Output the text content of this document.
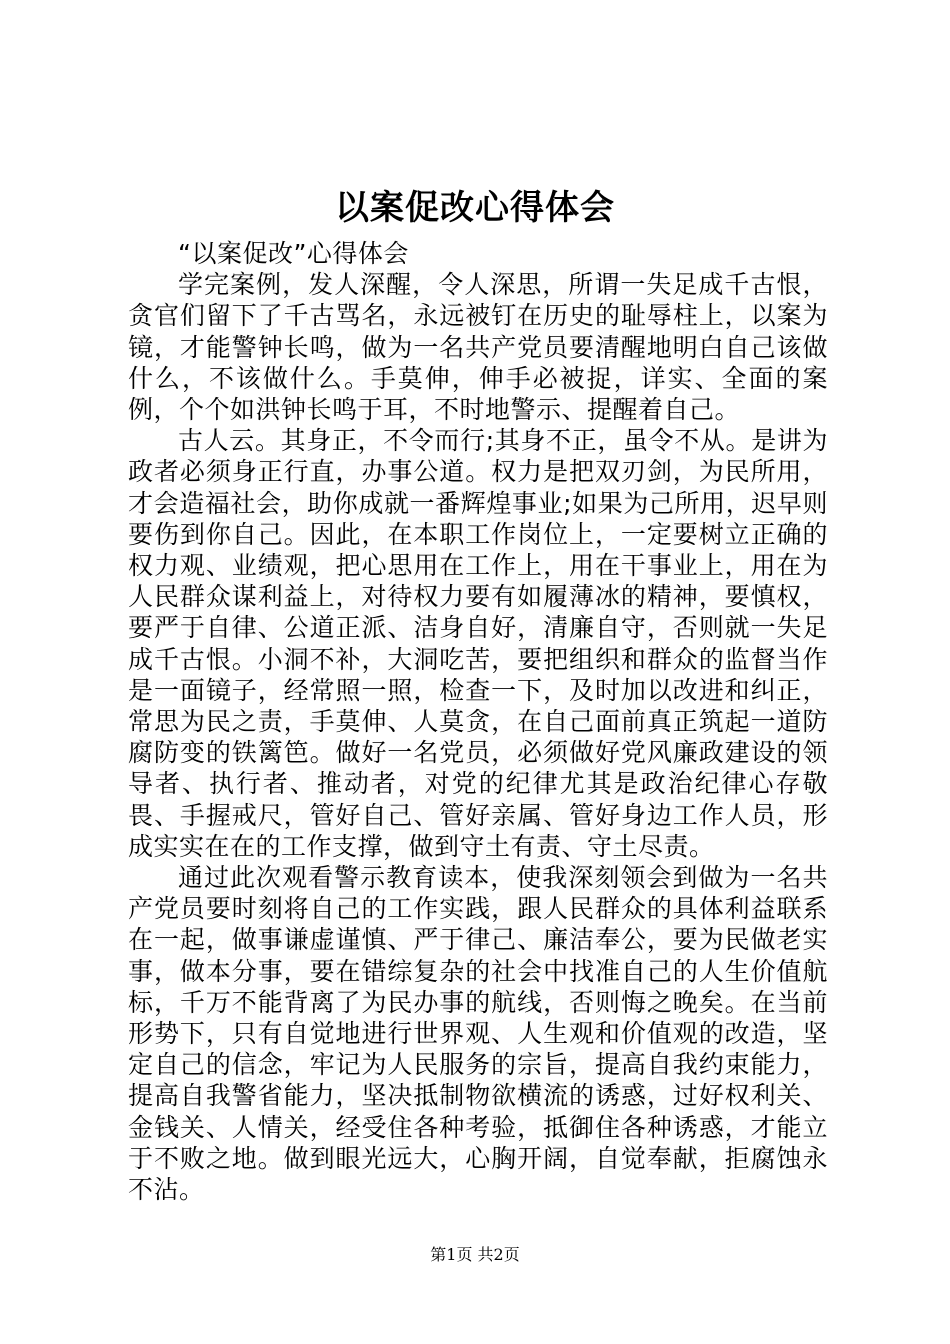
以案促改心得体会

“以案促改”心得体会

学完案例，发人深醒，令人深思，所谓一失足成千古恨，贪官们留下了千古骂名，永远被钉在历史的耻辱柱上，以案为镜，才能警钟长鸣，做为一名共产党员要清醒地明白自己该做什么，不该做什么。手莫伸，伸手必被捉，详实、全面的案例，个个如洪钟长鸣于耳，不时地警示、提醒着自己。

古人云。其身正，不令而行;其身不正，虽令不从。是讲为政者必须身正行直，办事公道。权力是把双刃剑，为民所用，才会造福社会，助你成就一番辉煌事业;如果为己所用，迟早则要伤到你自己。因此，在本职工作岗位上，一定要树立正确的权力观、业绩观，把心思用在工作上，用在干事业上，用在为人民群众谋利益上，对待权力要有如履薄冰的精神，要慎权，要严于自律、公道正派、洁身自好，清廉自守，否则就一失足成千古恨。小洞不补，大洞吃苦，要把组织和群众的监督当作是一面镜子，经常照一照，检查一下，及时加以改进和纠正，常思为民之责，手莫伸、人莫贪，在自己面前真正筑起一道防腐防变的铁篱笆。做好一名党员，必须做好党风廉政建设的领导者、执行者、推动者，对党的纪律尤其是政治纪律心存敬畏、手握戒尺，管好自己、管好亲属、管好身边工作人员，形成实实在在的工作支撑，做到守土有责、守土尽责。

通过此次观看警示教育读本，使我深刻领会到做为一名共产党员要时刻将自己的工作实践，跟人民群众的具体利益联系在一起，做事谦虚谨慎、严于律己、廉洁奉公，要为民做老实事，做本分事，要在错综复杂的社会中找准自己的人生价值航标，千万不能背离了为民办事的航线，否则悔之晚矣。在当前形势下，只有自觉地进行世界观、人生观和价值观的改造，坚定自己的信念，牢记为人民服务的宗旨，提高自我约束能力，提高自我警省能力，坚决抵制物欲横流的诱惑，过好权利关、金钱关、人情关，经受住各种考验，抵御住各种诱惑，才能立于不败之地。做到眼光远大，心胸开阔，自觉奉献，拒腐蚀永不沾。

第1页 共2页
